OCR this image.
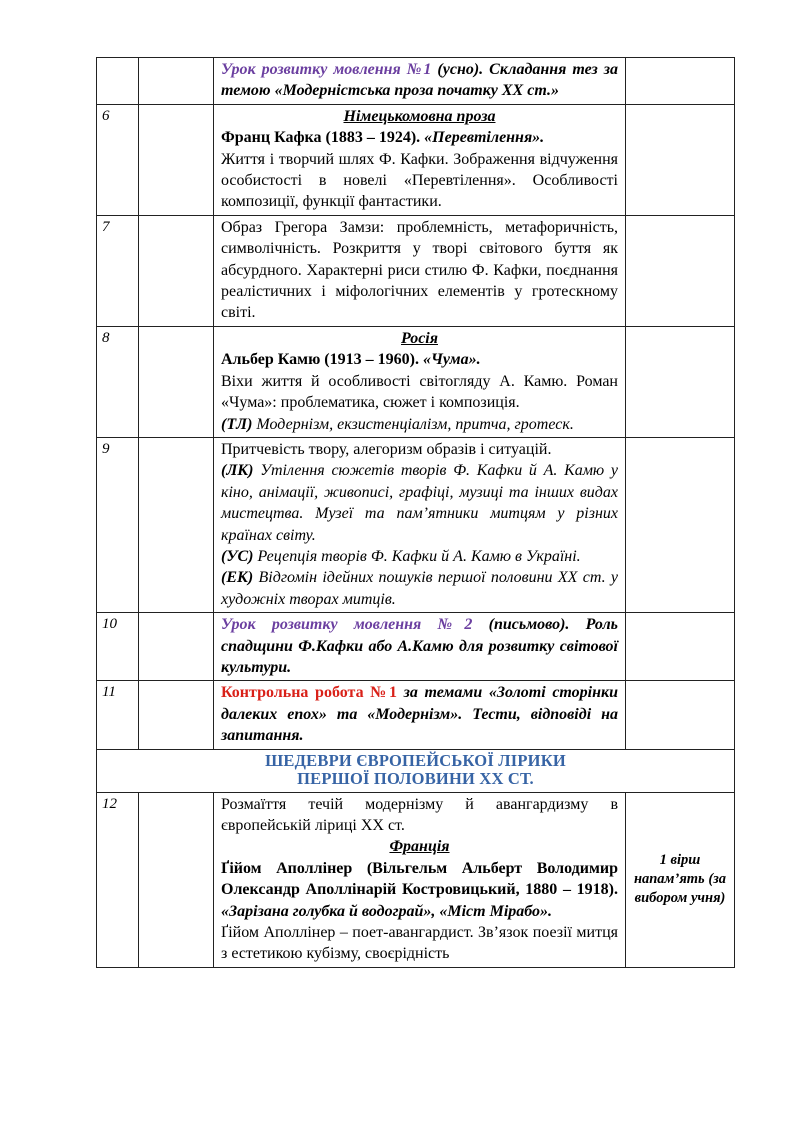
		Урок розвитку мовлення №1 (усно). Складання тез за темою «Модерністська проза початку ХХ ст.»	

6		Німецькомовна проза
Франц Кафка (1883 – 1924). «Перевтілення».
Життя і творчий шлях Ф. Кафки. Зображення відчуження особистості в новелі «Перевтілення». Особливості композиції, функції фантастики.	

7		Образ Грегора Замзи: проблемність, метафоричність, символічність. Розкриття у творі світового буття як абсурдного. Характерні риси стилю Ф. Кафки, поєднання реалістичних і міфологічних елементів у гротескному світі.	

8		Росія
Альбер Камю (1913 – 1960). «Чума».
Віхи життя й особливості світогляду А. Камю. Роман «Чума»: проблематика, сюжет і композиція.
(ТЛ) Модернізм, екзистенціалізм, притча, гротеск.	

9		Притчевість твору, алегоризм образів і ситуацій.
(ЛК) Утілення сюжетів творів Ф. Кафки й А. Камю у кіно, анімації, живописі, графіці, музиці та інших видах мистецтва. Музеї та пам’ятники митцям у різних країнах світу.
(УС) Рецепція творів Ф. Кафки й А. Камю в Україні.
(ЕК) Відгомін ідейних пошуків першої половини ХХ ст. у художніх творах митців.	

10		Урок розвитку мовлення №2 (письмово). Роль спадщини Ф.Кафки або А.Камю для розвитку світової культури.	

11		Контрольна робота №1 за темами «Золоті сторінки далеких епох» та «Модернізм». Тести, відповіді на запитання.	

ШЕДЕВРИ ЄВРОПЕЙСЬКОЇ ЛІРИКИ
ПЕРШОЇ ПОЛОВИНИ ХХ СТ.			

12		Розмаїття течій модернізму й авангардизму в європейській ліриці ХХ ст.
Франція
Ґійом Аполлінер (Вільгельм Альберт Володимир Олександр Аполлінарій Костровицький, 1880 – 1918). «Зарізана голубка й водограй», «Міст Мірабо».
Ґійом Аполлінер – поет-авангардист. Зв’язок поезії митця з естетикою кубізму, своєрідність	1 вірш напам’ять (за вибором учня)
